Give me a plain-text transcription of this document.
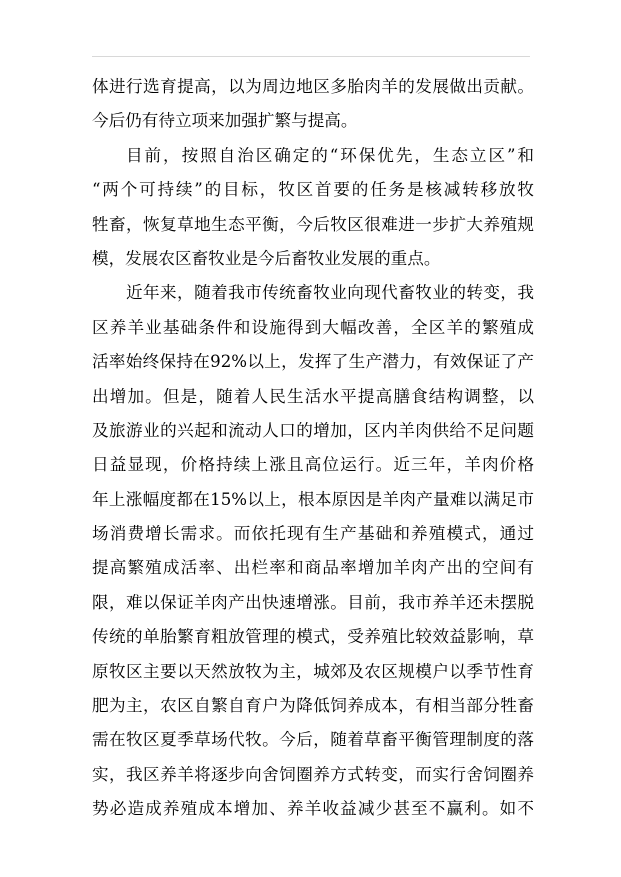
体进行选育提高，以为周边地区多胎肉羊的发展做出贡献。
今后仍有待立项来加强扩繁与提高。
目前，按照自治区确定的“环保优先，生态立区”和
“两个可持续”的目标，牧区首要的任务是核减转移放牧
牲畜，恢复草地生态平衡，今后牧区很难进一步扩大养殖规
模，发展农区畜牧业是今后畜牧业发展的重点。
近年来，随着我市传统畜牧业向现代畜牧业的转变，我
区养羊业基础条件和设施得到大幅改善，全区羊的繁殖成
活率始终保持在92%以上，发挥了生产潜力，有效保证了产
出增加。但是，随着人民生活水平提高膳食结构调整，以
及旅游业的兴起和流动人口的增加，区内羊肉供给不足问题
日益显现，价格持续上涨且高位运行。近三年，羊肉价格
年上涨幅度都在15%以上，根本原因是羊肉产量难以满足市
场消费增长需求。而依托现有生产基础和养殖模式，通过
提高繁殖成活率、出栏率和商品率增加羊肉产出的空间有
限，难以保证羊肉产出快速增涨。目前，我市养羊还未摆脱
传统的单胎繁育粗放管理的模式，受养殖比较效益影响，草
原牧区主要以天然放牧为主，城郊及农区规模户以季节性育
肥为主，农区自繁自育户为降低饲养成本，有相当部分牲畜
需在牧区夏季草场代牧。今后，随着草畜平衡管理制度的落
实，我区养羊将逐步向舍饲圈养方式转变，而实行舍饲圈养
势必造成养殖成本增加、养羊收益减少甚至不赢利。如不
